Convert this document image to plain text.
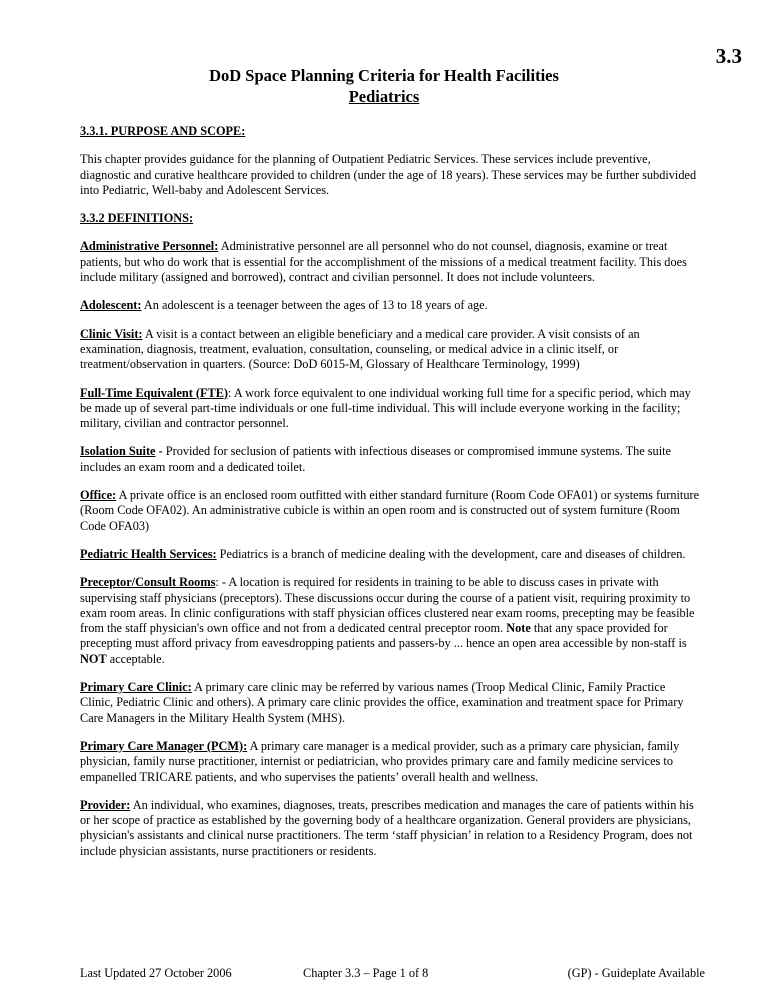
3.3
DoD Space Planning Criteria for Health Facilities
Pediatrics

3.3.1. PURPOSE AND SCOPE:

This chapter provides guidance for the planning of Outpatient Pediatric Services. These services include preventive, diagnostic and curative healthcare provided to children (under the age of 18 years). These services may be further subdivided into Pediatric, Well-baby and Adolescent Services.

3.3.2 DEFINITIONS:

Administrative Personnel: Administrative personnel are all personnel who do not counsel, diagnosis, examine or treat patients, but who do work that is essential for the accomplishment of the missions of a medical treatment facility. This does include military (assigned and borrowed), contract and civilian personnel. It does not include volunteers.

Adolescent: An adolescent is a teenager between the ages of 13 to 18 years of age.

Clinic Visit: A visit is a contact between an eligible beneficiary and a medical care provider. A visit consists of an examination, diagnosis, treatment, evaluation, consultation, counseling, or medical advice in a clinic itself, or treatment/observation in quarters. (Source: DoD 6015-M, Glossary of Healthcare Terminology, 1999)

Full-Time Equivalent (FTE): A work force equivalent to one individual working full time for a specific period, which may be made up of several part-time individuals or one full-time individual. This will include everyone working in the facility; military, civilian and contractor personnel.

Isolation Suite - Provided for seclusion of patients with infectious diseases or compromised immune systems. The suite includes an exam room and a dedicated toilet.

Office: A private office is an enclosed room outfitted with either standard furniture (Room Code OFA01) or systems furniture (Room Code OFA02). An administrative cubicle is within an open room and is constructed out of system furniture (Room Code OFA03)

Pediatric Health Services: Pediatrics is a branch of medicine dealing with the development, care and diseases of children.

Preceptor/Consult Rooms: - A location is required for residents in training to be able to discuss cases in private with supervising staff physicians (preceptors). These discussions occur during the course of a patient visit, requiring proximity to exam room areas. In clinic configurations with staff physician offices clustered near exam rooms, precepting may be feasible from the staff physician's own office and not from a dedicated central preceptor room. Note that any space provided for precepting must afford privacy from eavesdropping patients and passers-by ... hence an open area accessible by non-staff is NOT acceptable.

Primary Care Clinic: A primary care clinic may be referred by various names (Troop Medical Clinic, Family Practice Clinic, Pediatric Clinic and others). A primary care clinic provides the office, examination and treatment space for Primary Care Managers in the Military Health System (MHS).

Primary Care Manager (PCM): A primary care manager is a medical provider, such as a primary care physician, family physician, family nurse practitioner, internist or pediatrician, who provides primary care and family medicine services to empanelled TRICARE patients, and who supervises the patients’ overall health and wellness.

Provider: An individual, who examines, diagnoses, treats, prescribes medication and manages the care of patients within his or her scope of practice as established by the governing body of a healthcare organization. General providers are physicians, physician's assistants and clinical nurse practitioners. The term ‘staff physician’ in relation to a Residency Program, does not include physician assistants, nurse practitioners or residents.

Last Updated 27 October 2006	Chapter 3.3 – Page 1 of 8	(GP) - Guideplate Available
